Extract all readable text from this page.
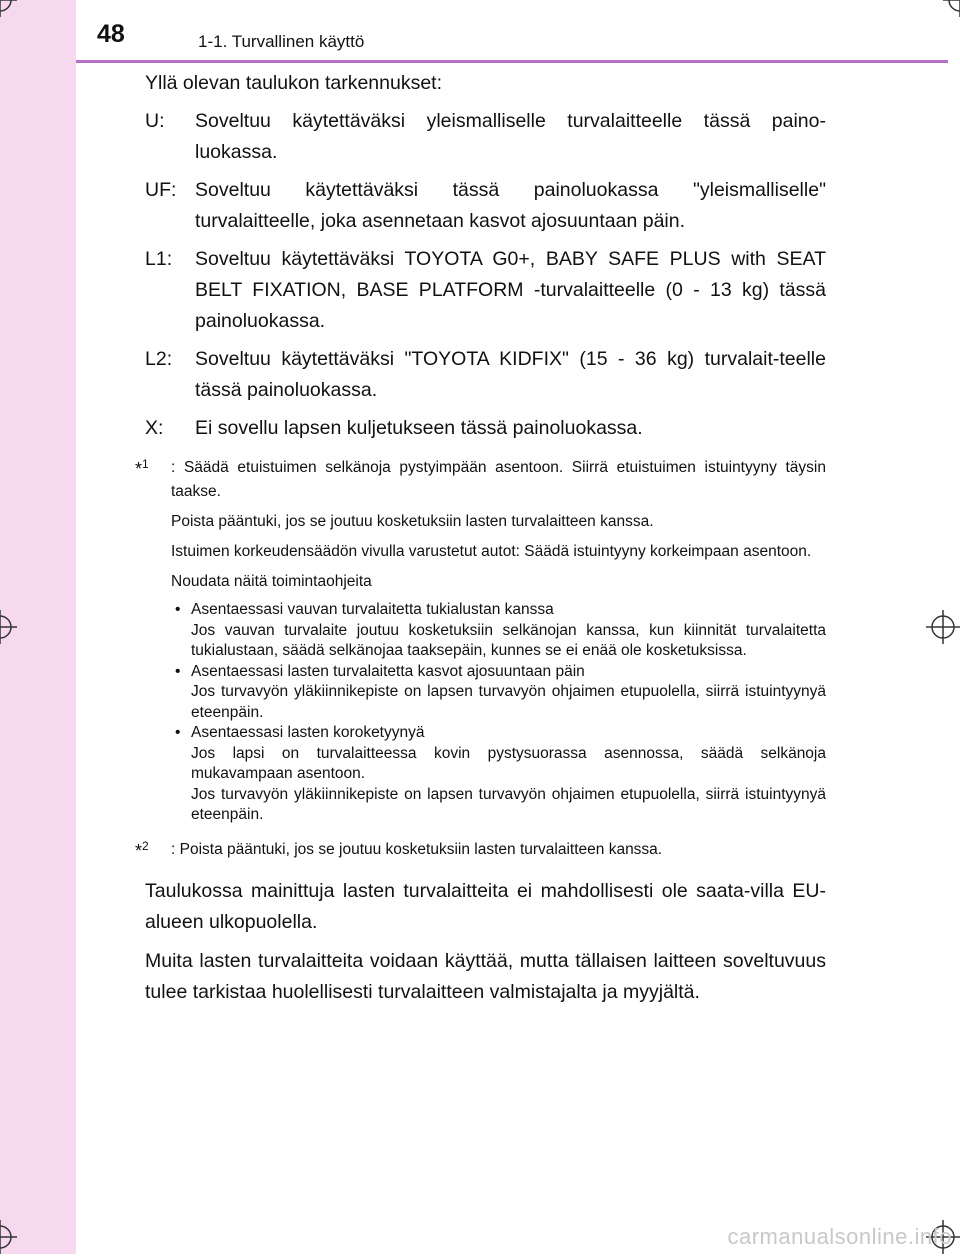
48	1-1. Turvallinen käyttö

Yllä olevan taulukon tarkennukset:

U: Soveltuu käytettäväksi yleismalliselle turvalaitteelle tässä paino-luokassa.
UF: Soveltuu käytettäväksi tässä painoluokassa "yleismalliselle" turvalaitteelle, joka asennetaan kasvot ajosuuntaan päin.
L1: Soveltuu käytettäväksi TOYOTA G0+, BABY SAFE PLUS with SEAT BELT FIXATION, BASE PLATFORM -turvalaitteelle (0 - 13 kg) tässä painoluokassa.
L2: Soveltuu käytettäväksi "TOYOTA KIDFIX" (15 - 36 kg) turvalait-teelle tässä painoluokassa.
X: Ei sovellu lapsen kuljetukseen tässä painoluokassa.
*$^1$ : Säädä etuistuimen selkänoja pystyimpään asentoon. Siirrä etuistuimen istuintyyny täysin taakse.

Poista pääntuki, jos se joutuu kosketuksiin lasten turvalaitteen kanssa.

Istuimen korkeudensäädön vivulla varustetut autot: Säädä istuintyyny korkeimpaan asentoon.

Noudata näitä toimintaohjeita

• Asentaessasi vauvan turvalaitetta tukialustan kanssa
Jos vauvan turvalaite joutuu kosketuksiin selkänojan kanssa, kun kiinnität turvalaitetta tukialustaan, säädä selkänojaa taaksepäin, kunnes se ei enää ole kosketuksissa.
• Asentaessasi lasten turvalaitetta kasvot ajosuuntaan päin
Jos turvavyön yläkiinnikepiste on lapsen turvavyön ohjaimen etupuolella, siirrä istuintyynyä eteenpäin.
• Asentaessasi lasten koroketyynyä
Jos lapsi on turvalaitteessa kovin pystysuorassa asennossa, säädä selkänoja mukavampaan asentoon.
Jos turvavyön yläkiinnikepiste on lapsen turvavyön ohjaimen etupuolella, siirrä istuintyynyä eteenpäin.
*$^2$ : Poista pääntuki, jos se joutuu kosketuksiin lasten turvalaitteen kanssa.

Taulukossa mainittuja lasten turvalaitteita ei mahdollisesti ole saata-villa EU-alueen ulkopuolella.

Muita lasten turvalaitteita voidaan käyttää, mutta tällaisen laitteen soveltuvuus tulee tarkistaa huolellisesti turvalaitteen valmistajalta ja myyjältä.

carmanualsonline.info
